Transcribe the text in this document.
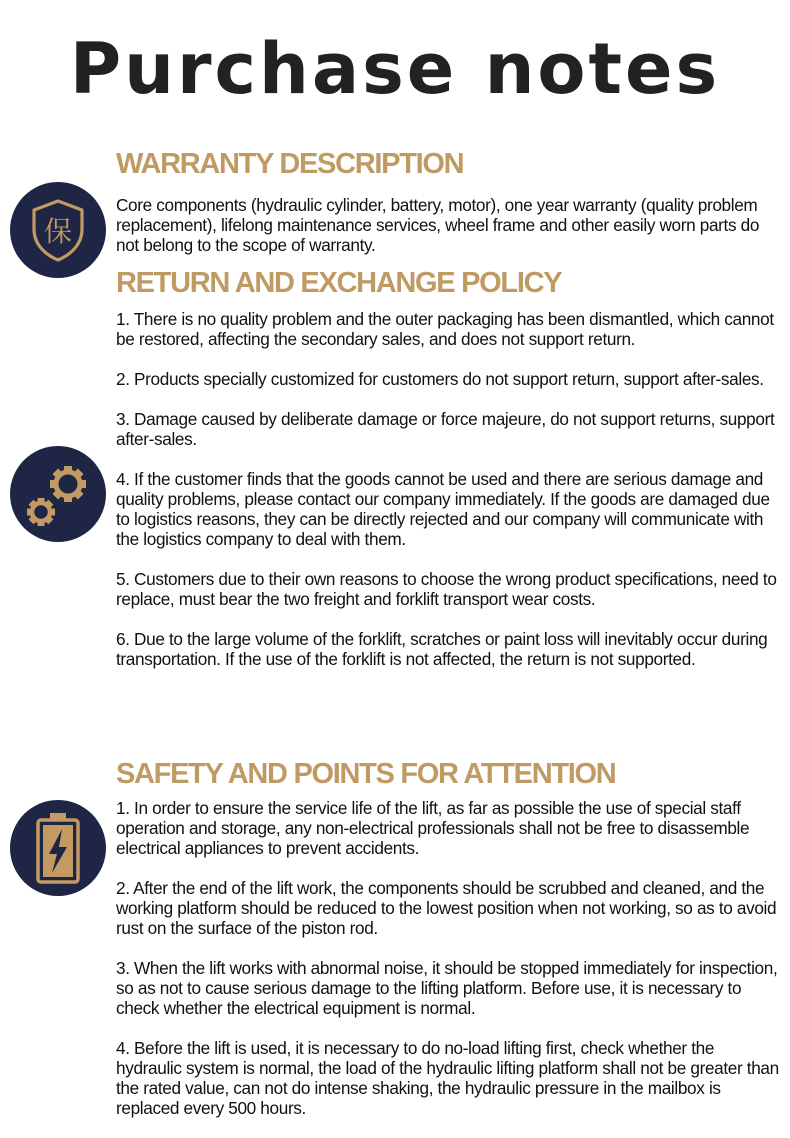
Purchase notes
WARRANTY DESCRIPTION
保

Core components (hydraulic cylinder, battery, motor), one year warranty (quality problem replacement), lifelong maintenance services, wheel frame and other easily worn parts do not belong to the scope of warranty.

RETURN AND EXCHANGE POLICY

1. There is no quality problem and the outer packaging has been dismantled, which cannot be restored, affecting the secondary sales, and does not support return.

2. Products specially customized for customers do not support return, support after-sales.

3. Damage caused by deliberate damage or force majeure, do not support returns, support after-sales.

4. If the customer finds that the goods cannot be used and there are serious damage and quality problems, please contact our company immediately. If the goods are damaged due to logistics reasons, they can be directly rejected and our company will communicate with the logistics company to deal with them.

5. Customers due to their own reasons to choose the wrong product specifications, need to replace, must bear the two freight and forklift transport wear costs.

6. Due to the large volume of the forklift, scratches or paint loss will inevitably occur during transportation. If the use of the forklift is not affected, the return is not supported.

SAFETY AND POINTS FOR ATTENTION

1. In order to ensure the service life of the lift, as far as possible the use of special staff operation and storage, any non-electrical professionals shall not be free to disassemble electrical appliances to prevent accidents.

2. After the end of the lift work, the components should be scrubbed and cleaned, and the working platform should be reduced to the lowest position when not working, so as to avoid rust on the surface of the piston rod.

3. When the lift works with abnormal noise, it should be stopped immediately for inspection, so as not to cause serious damage to the lifting platform. Before use, it is necessary to check whether the electrical equipment is normal.

4. Before the lift is used, it is necessary to do no-load lifting first, check whether the hydraulic system is normal, the load of the hydraulic lifting platform shall not be greater than the rated value, can not do intense shaking, the hydraulic pressure in the mailbox is replaced every 500 hours.
